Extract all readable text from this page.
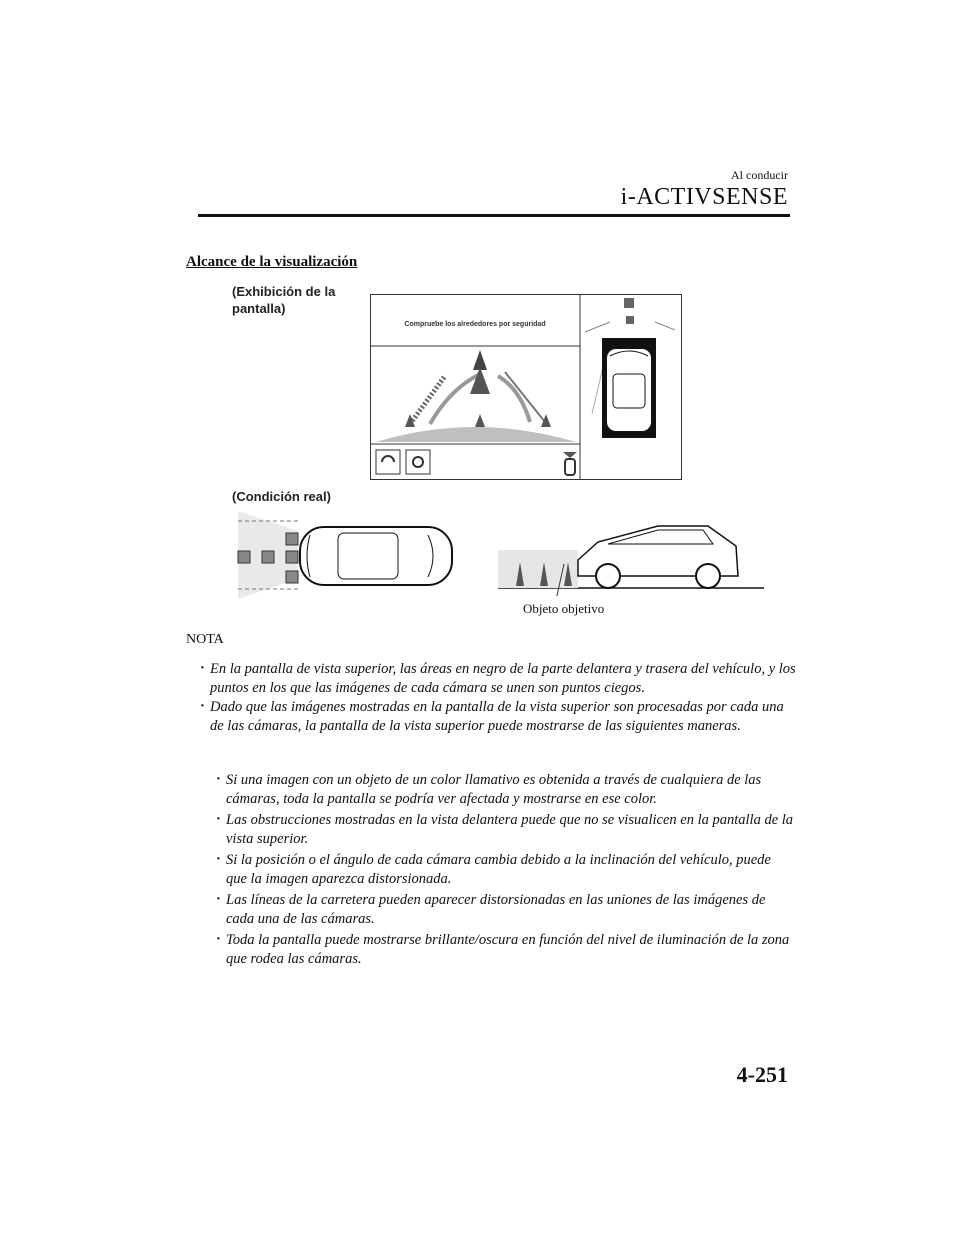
Al conducir
i-ACTIVSENSE
Alcance de la visualización
(Exhibición de la pantalla)
Compruebe los alrededores por seguridad
(Condición real)
Objeto objetivo
NOTA
· En la pantalla de vista superior, las áreas en negro de la parte delantera y trasera del vehículo, y los puntos en los que las imágenes de cada cámara se unen son puntos ciegos.
· Dado que las imágenes mostradas en la pantalla de la vista superior son procesadas por cada una de las cámaras, la pantalla de la vista superior puede mostrarse de las siguientes maneras.
· Si una imagen con un objeto de un color llamativo es obtenida a través de cualquiera de las cámaras, toda la pantalla se podría ver afectada y mostrarse en ese color.
· Las obstrucciones mostradas en la vista delantera puede que no se visualicen en la pantalla de la vista superior.
· Si la posición o el ángulo de cada cámara cambia debido a la inclinación del vehículo, puede que la imagen aparezca distorsionada.
· Las líneas de la carretera pueden aparecer distorsionadas en las uniones de las imágenes de cada una de las cámaras.
· Toda la pantalla puede mostrarse brillante/oscura en función del nivel de iluminación de la zona que rodea las cámaras.
4-251
